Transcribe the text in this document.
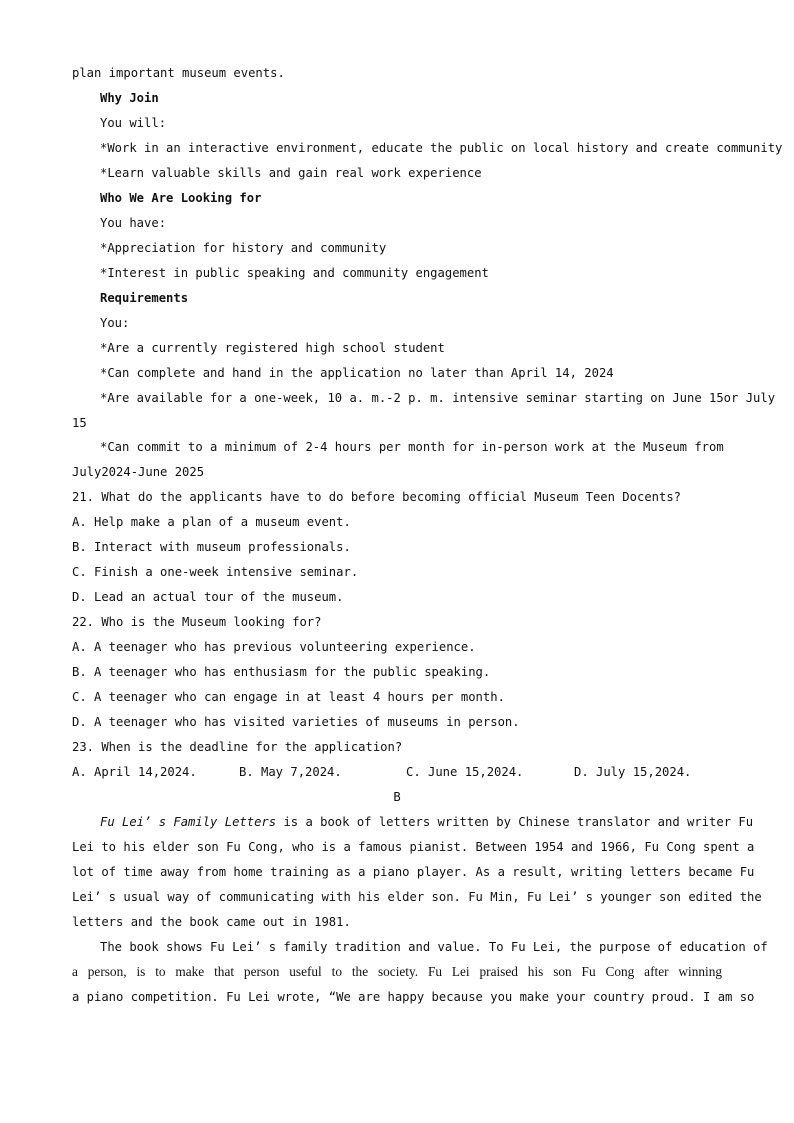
plan important museum events.
Why Join
You will:
*Work in an interactive environment, educate the public on local history and create community
*Learn valuable skills and gain real work experience
Who We Are Looking for
You have:
*Appreciation for history and community
*Interest in public speaking and community engagement
Requirements
You:
*Are a currently registered high school student
*Can complete and hand in the application no later than April 14, 2024
*Are available for a one-week, 10 a. m.-2 p. m. intensive seminar starting on June 15or July
15
*Can commit to a minimum of 2-4 hours per month for in-person work at the Museum from
July2024-June 2025
21. What do the applicants have to do before becoming official Museum Teen Docents?
A. Help make a plan of a museum event.
B. Interact with museum professionals.
C. Finish a one-week intensive seminar.
D. Lead an actual tour of the museum.
22. Who is the Museum looking for?
A. A teenager who has previous volunteering experience.
B. A teenager who has enthusiasm for the public speaking.
C. A teenager who can engage in at least 4 hours per month.
D. A teenager who has visited varieties of museums in person.
23. When is the deadline for the application?
A. April 14,2024.	B. May 7,2024.	C. June 15,2024.	D. July 15,2024.
B
Fu Lei’ s Family Letters is a book of letters written by Chinese translator and writer Fu
Lei to his elder son Fu Cong, who is a famous pianist. Between 1954 and 1966, Fu Cong spent a
lot of time away from home training as a piano player. As a result, writing letters became Fu
Lei’ s usual way of communicating with his elder son. Fu Min, Fu Lei’ s younger son edited the
letters and the book came out in 1981.
The book shows Fu Lei’ s family tradition and value. To Fu Lei, the purpose of education of
a person, is to make that person useful to the society. Fu Lei praised his son Fu Cong after winning
a piano competition. Fu Lei wrote, “We are happy because you make your country proud. I am so
